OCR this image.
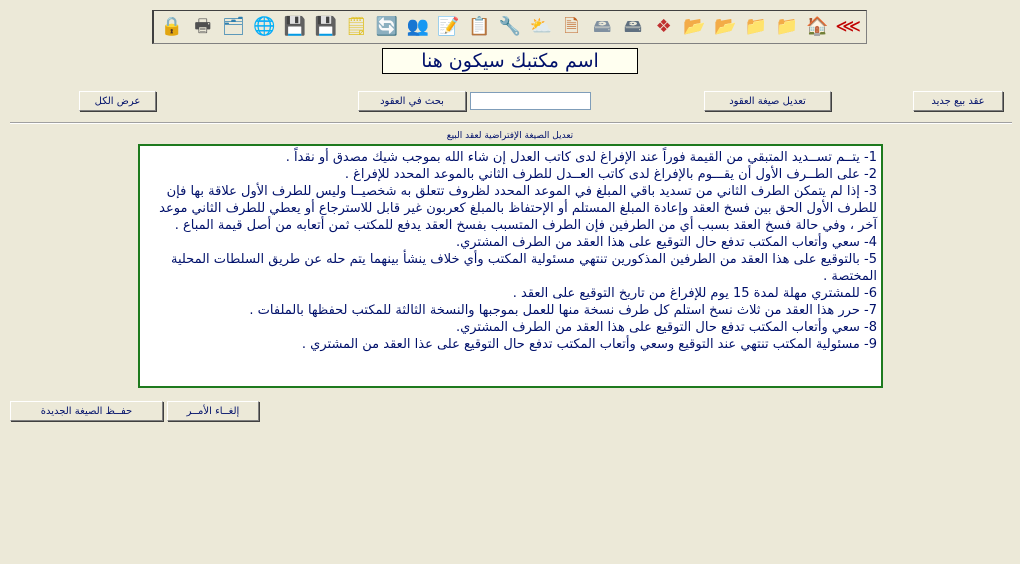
⋘
🏠
📁
📁
📂
📂
❖
🖴
🖴
🗎
⛅
🔧
📋
📝
👥
🔄
🗒
💾
💾
🌐
🗂
🖶
🔒
اسم مكتبك سيكون هنا
عقد بيع جديد
تعديل صيغة العقود
بحث في العقود
عرض الكل
تعديل الصيغة الإفتراضية لعقد البيع

1- يتــم تســديد المتبقي من القيمة فوراً عند الإفراغ لدى كاتب العدل إن شاء الله بموجب شيك مصدق أو نقداً .

2- على الطــرف الأول أن يقـــوم بالإفراغ لدى كاتب العــدل للطرف الثاني بالموعد المحدد للإفراغ .

3- إذا لم يتمكن الطرف الثاني من تسديد باقي المبلغ في الموعد المحدد لظروف تتعلق به شخصيــا وليس للطرف الأول علاقة بها فإن للطرف الأول الحق بين فسخ العقد وإعادة المبلغ المستلم أو الإحتفاظ بالمبلغ كعربون غير قابل للاسترجاع أو يعطي للطرف الثاني موعد آخر ، وفي حالة فسخ العقد بسبب أي من الطرفين فإن الطرف المتسبب بفسخ العقد يدفع للمكتب ثمن أتعابه من أصل قيمة المباع .

4- سعي وأتعاب المكتب تدفع حال التوقيع على هذا العقد من الطرف المشتري.

5- بالتوقيع على هذا العقد من الطرفين المذكورين تنتهي مسئولية المكتب وأي خلاف ينشأ بينهما يتم حله عن طريق السلطات المحلية المختصة .

6- للمشتري مهلة لمدة 15 يوم للإفراغ من تاريخ التوقيع على العقد .

7- حرر هذا العقد من ثلاث نسخ استلم كل طرف نسخة منها للعمل بموجبها والنسخة الثالثة للمكتب لحفظها بالملفات .

8- سعي وأتعاب المكتب تدفع حال التوقيع على هذا العقد من الطرف المشتري.

9- مسئولية المكتب تنتهي عند التوقيع وسعي وأتعاب المكتب تدفع حال التوقيع على عذا العقد من المشتري .

إلغــاء الأمــر
حفــظ الصيغة الجديدة
